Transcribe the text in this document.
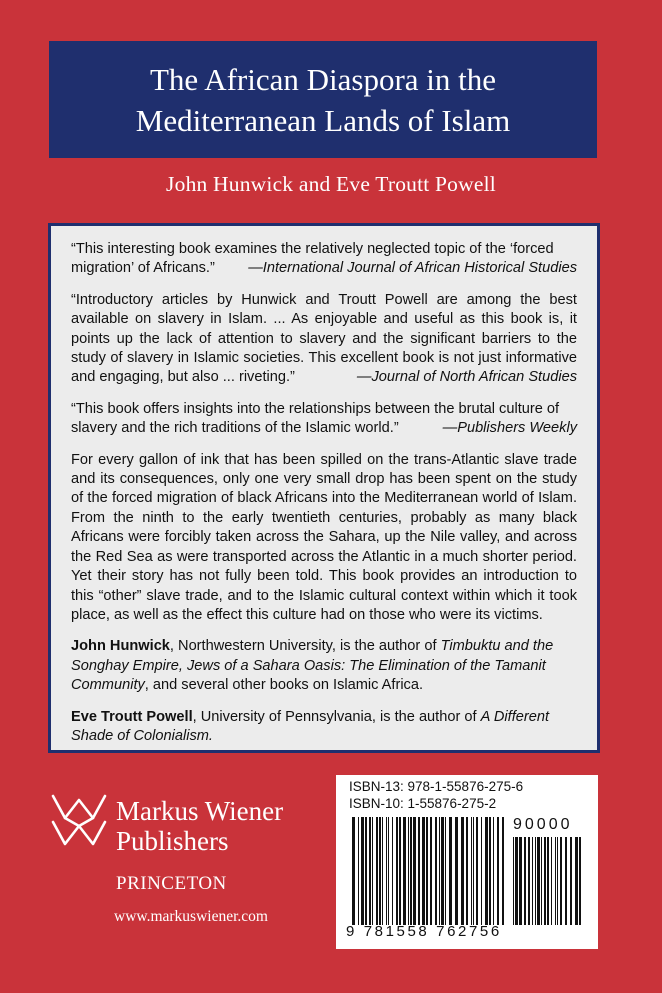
The African Diaspora in the
Mediterranean Lands of Islam
John Hunwick and Eve Troutt Powell

“This interesting book examines the relatively neglected topic of the ‘forced
migration’ of Africans.” —International Journal of African Historical Studies

“Introductory articles by Hunwick and Troutt Powell are among the best available on slavery in Islam. ... As enjoyable and useful as this book is, it points up the lack of attention to slavery and the significant barriers to the study of slavery in Islamic societies. This excellent book is not just informative and engaging, but also ... riveting.”	—Journal of North African Studies

“This book offers insights into the relationships between the brutal culture of
slavery and the rich traditions of the Islamic world.”	—Publishers Weekly

For every gallon of ink that has been spilled on the trans-Atlantic slave trade and its consequences, only one very small drop has been spent on the study of the forced migration of black Africans into the Mediterranean world of Islam. From the ninth to the early twentieth centuries, probably as many black Africans were forcibly taken across the Sahara, up the Nile valley, and across the Red Sea as were transported across the Atlantic in a much shorter period. Yet their story has not fully been told. This book provides an introduction to this “other” slave trade, and to the Islamic cultural context within which it took place, as well as the effect this culture had on those who were its victims.

John Hunwick, Northwestern University, is the author of Timbuktu and the Songhay Empire, Jews of a Sahara Oasis: The Elimination of the Tamanit Community, and several other books on Islamic Africa.

Eve Troutt Powell, University of Pennsylvania, is the author of A Different Shade of Colonialism.

Markus Wiener
Publishers
PRINCETON
www.markuswiener.com
ISBN-13: 978-1-55876-275-6
ISBN-10: 1-55876-275-2
90000
9 781558 762756
